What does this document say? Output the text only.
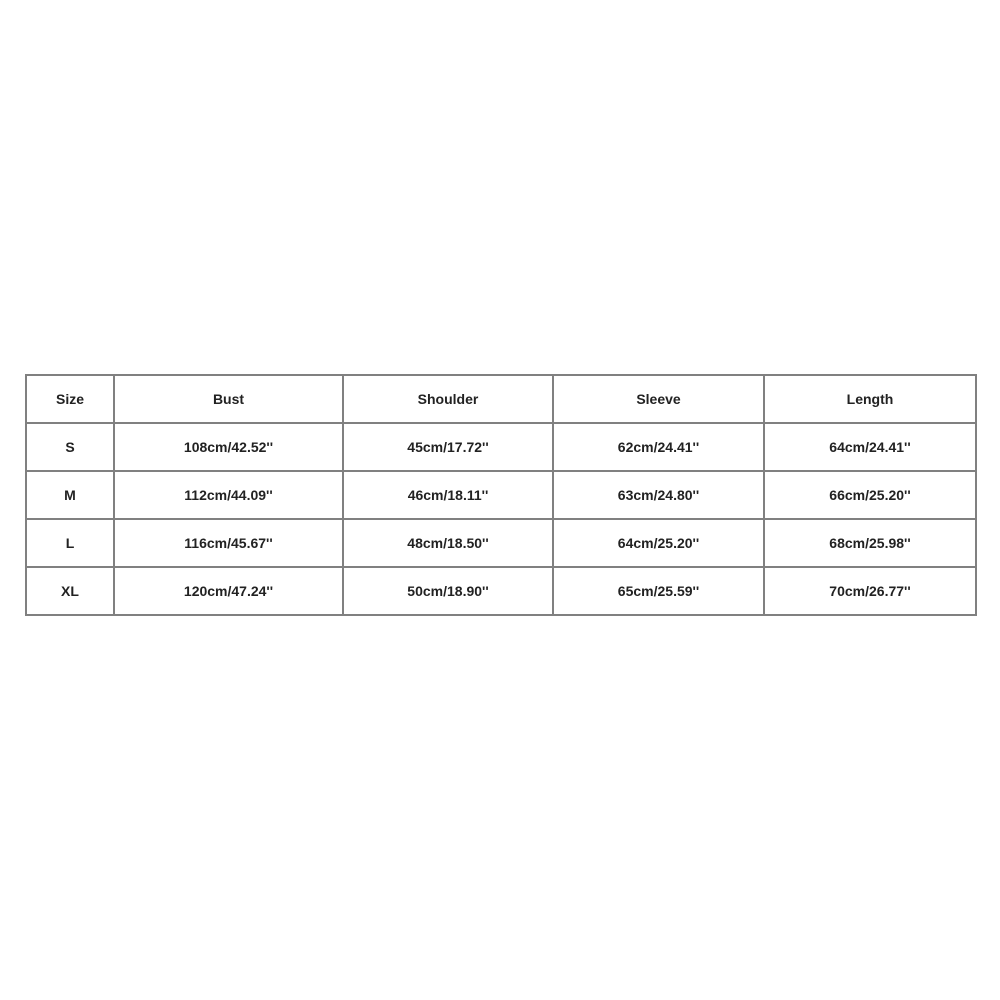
Size	Bust	Shoulder	Sleeve	Length
S	108cm/42.52''	45cm/17.72''	62cm/24.41''	64cm/24.41''
M	112cm/44.09''	46cm/18.11''	63cm/24.80''	66cm/25.20''
L	116cm/45.67''	48cm/18.50''	64cm/25.20''	68cm/25.98''
XL	120cm/47.24''	50cm/18.90''	65cm/25.59''	70cm/26.77''
